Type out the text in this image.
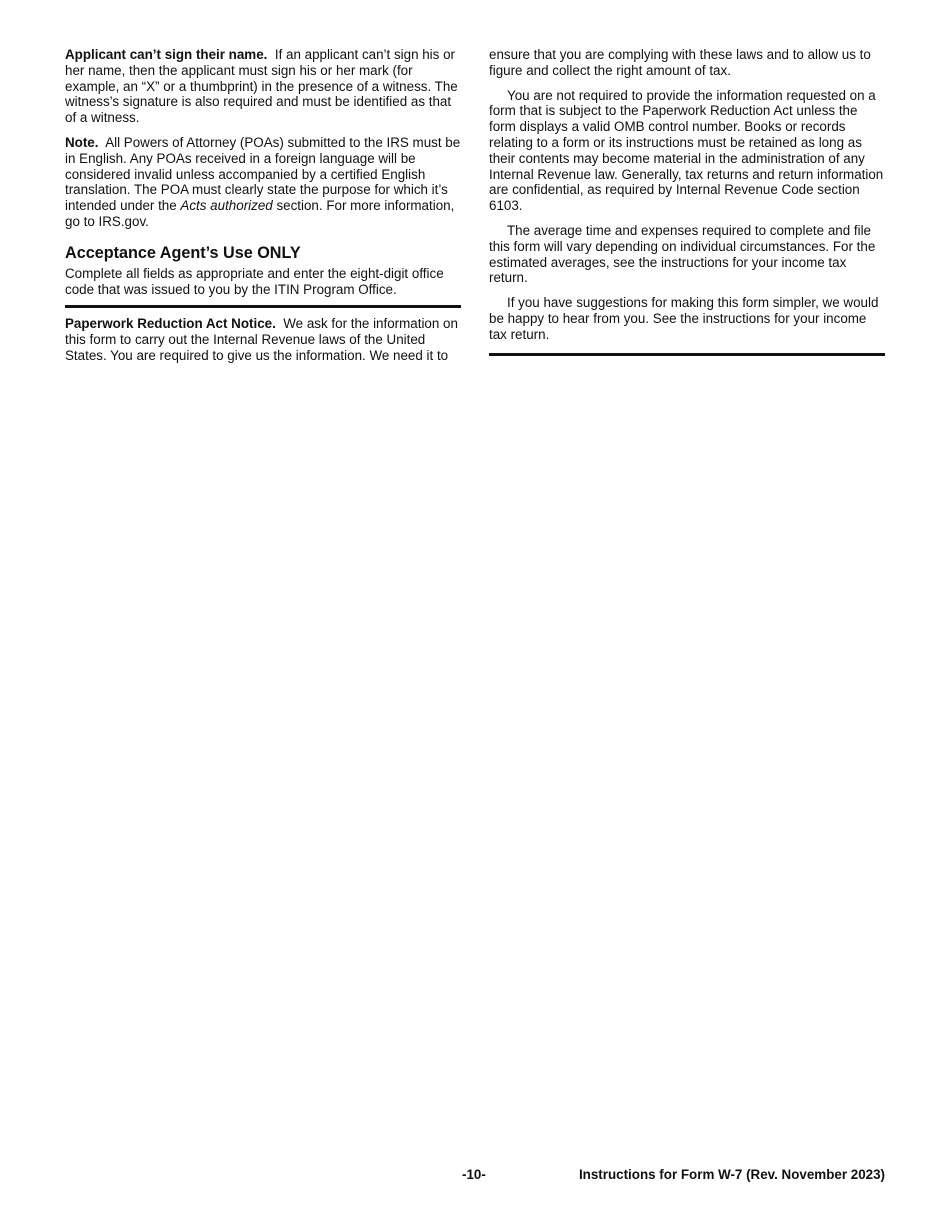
Applicant can’t sign their name. If an applicant can’t sign his or her name, then the applicant must sign his or her mark (for example, an “X” or a thumbprint) in the presence of a witness. The witness’s signature is also required and must be identified as that of a witness.

Note. All Powers of Attorney (POAs) submitted to the IRS must be in English. Any POAs received in a foreign language will be considered invalid unless accompanied by a certified English translation. The POA must clearly state the purpose for which it’s intended under the Acts authorized section. For more information, go to IRS.gov.

Acceptance Agent’s Use ONLY

Complete all fields as appropriate and enter the eight-digit office code that was issued to you by the ITIN Program Office.

Paperwork Reduction Act Notice. We ask for the information on this form to carry out the Internal Revenue laws of the United States. You are required to give us the information. We need it to

ensure that you are complying with these laws and to allow us to figure and collect the right amount of tax.

You are not required to provide the information requested on a form that is subject to the Paperwork Reduction Act unless the form displays a valid OMB control number. Books or records relating to a form or its instructions must be retained as long as their contents may become material in the administration of any Internal Revenue law. Generally, tax returns and return information are confidential, as required by Internal Revenue Code section 6103.

The average time and expenses required to complete and file this form will vary depending on individual circumstances. For the estimated averages, see the instructions for your income tax return.

If you have suggestions for making this form simpler, we would be happy to hear from you. See the instructions for your income tax return.

-10-	Instructions for Form W-7 (Rev. November 2023)
